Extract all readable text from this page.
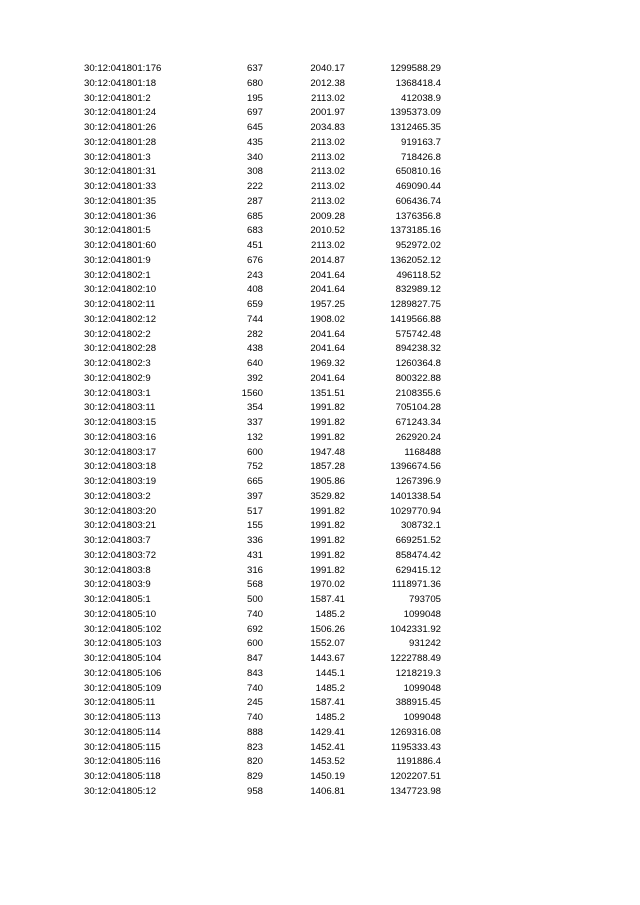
30:12:041801:176	637	2040.17	1299588.29
30:12:041801:18	680	2012.38	1368418.4
30:12:041801:2	195	2113.02	412038.9
30:12:041801:24	697	2001.97	1395373.09
30:12:041801:26	645	2034.83	1312465.35
30:12:041801:28	435	2113.02	919163.7
30:12:041801:3	340	2113.02	718426.8
30:12:041801:31	308	2113.02	650810.16
30:12:041801:33	222	2113.02	469090.44
30:12:041801:35	287	2113.02	606436.74
30:12:041801:36	685	2009.28	1376356.8
30:12:041801:5	683	2010.52	1373185.16
30:12:041801:60	451	2113.02	952972.02
30:12:041801:9	676	2014.87	1362052.12
30:12:041802:1	243	2041.64	496118.52
30:12:041802:10	408	2041.64	832989.12
30:12:041802:11	659	1957.25	1289827.75
30:12:041802:12	744	1908.02	1419566.88
30:12:041802:2	282	2041.64	575742.48
30:12:041802:28	438	2041.64	894238.32
30:12:041802:3	640	1969.32	1260364.8
30:12:041802:9	392	2041.64	800322.88
30:12:041803:1	1560	1351.51	2108355.6
30:12:041803:11	354	1991.82	705104.28
30:12:041803:15	337	1991.82	671243.34
30:12:041803:16	132	1991.82	262920.24
30:12:041803:17	600	1947.48	1168488
30:12:041803:18	752	1857.28	1396674.56
30:12:041803:19	665	1905.86	1267396.9
30:12:041803:2	397	3529.82	1401338.54
30:12:041803:20	517	1991.82	1029770.94
30:12:041803:21	155	1991.82	308732.1
30:12:041803:7	336	1991.82	669251.52
30:12:041803:72	431	1991.82	858474.42
30:12:041803:8	316	1991.82	629415.12
30:12:041803:9	568	1970.02	1118971.36
30:12:041805:1	500	1587.41	793705
30:12:041805:10	740	1485.2	1099048
30:12:041805:102	692	1506.26	1042331.92
30:12:041805:103	600	1552.07	931242
30:12:041805:104	847	1443.67	1222788.49
30:12:041805:106	843	1445.1	1218219.3
30:12:041805:109	740	1485.2	1099048
30:12:041805:11	245	1587.41	388915.45
30:12:041805:113	740	1485.2	1099048
30:12:041805:114	888	1429.41	1269316.08
30:12:041805:115	823	1452.41	1195333.43
30:12:041805:116	820	1453.52	1191886.4
30:12:041805:118	829	1450.19	1202207.51
30:12:041805:12	958	1406.81	1347723.98
